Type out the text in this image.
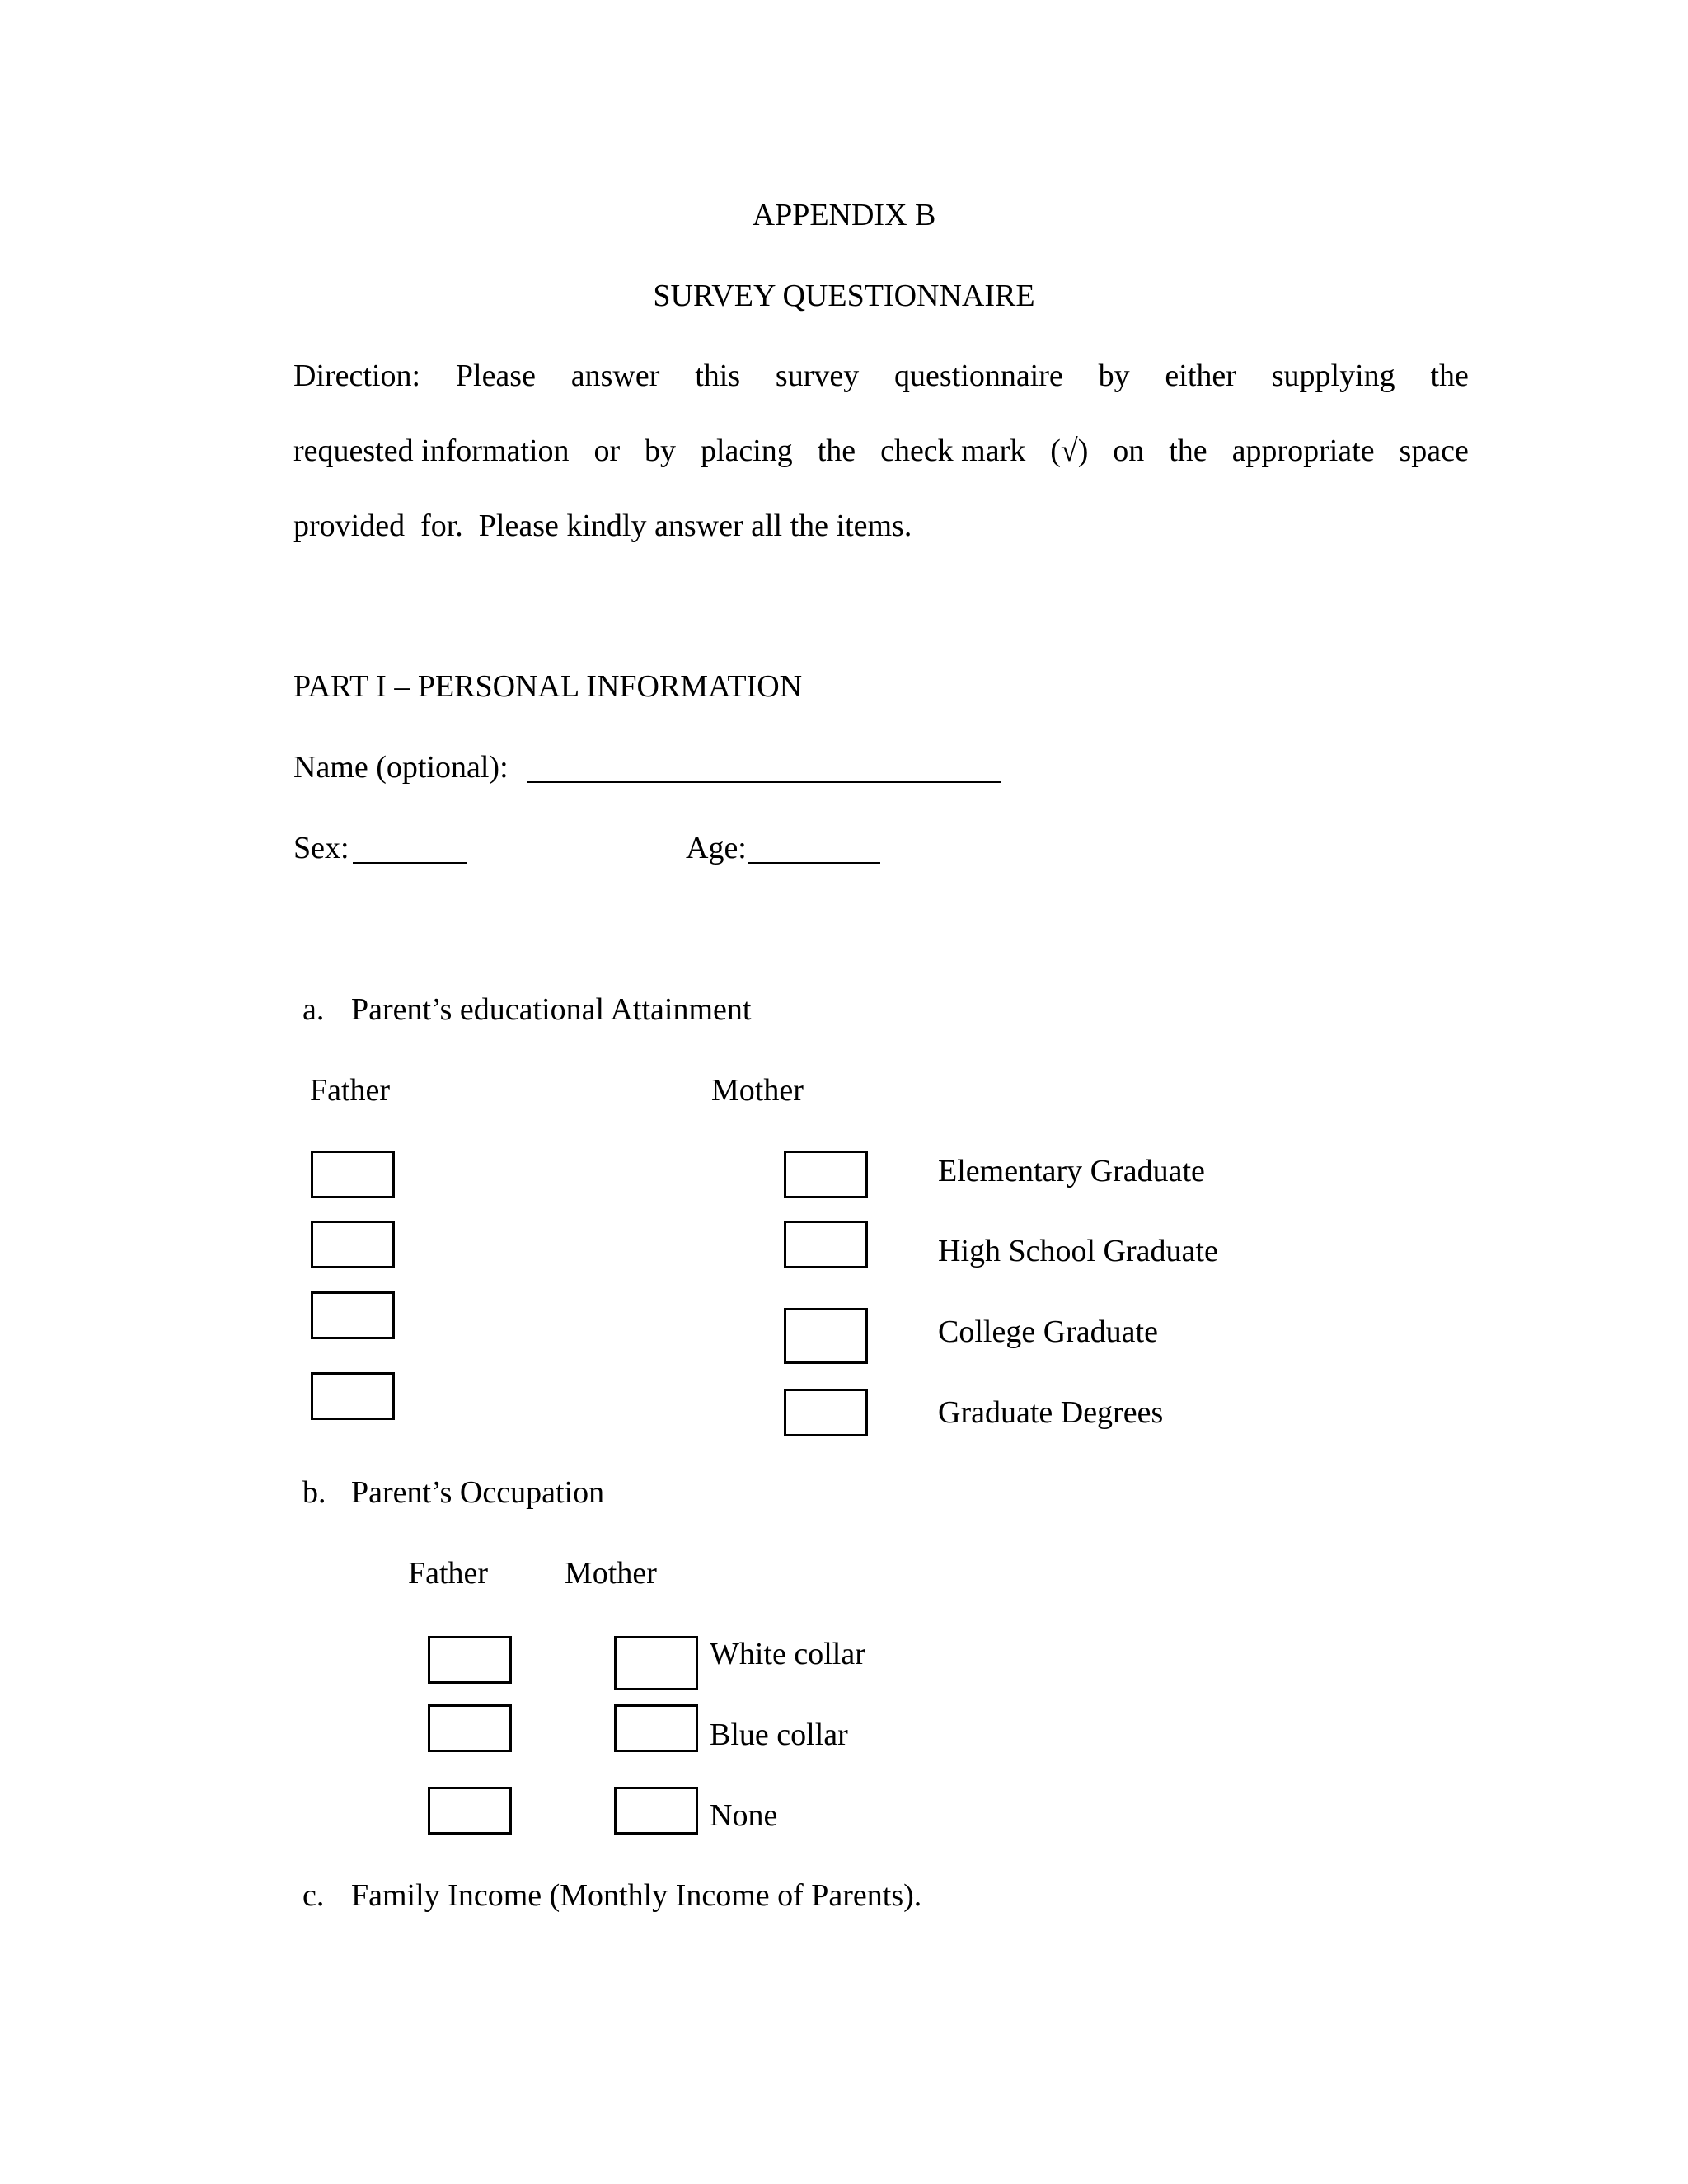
APPENDIX B
SURVEY QUESTIONNAIRE
Direction: Please answer this survey questionnaire by either supplying the
requested information or by placing the check mark (√) on the appropriate space
provided  for.  Please kindly answer all the items.
PART I – PERSONAL INFORMATION
Name (optional):
Sex:	Age:
a. Parent’s educational Attainment
Father	Mother
Elementary Graduate
High School Graduate
College Graduate
Graduate Degrees
b. Parent’s Occupation
Father Mother
White collar
Blue collar
None
c. Family Income (Monthly Income of Parents).
